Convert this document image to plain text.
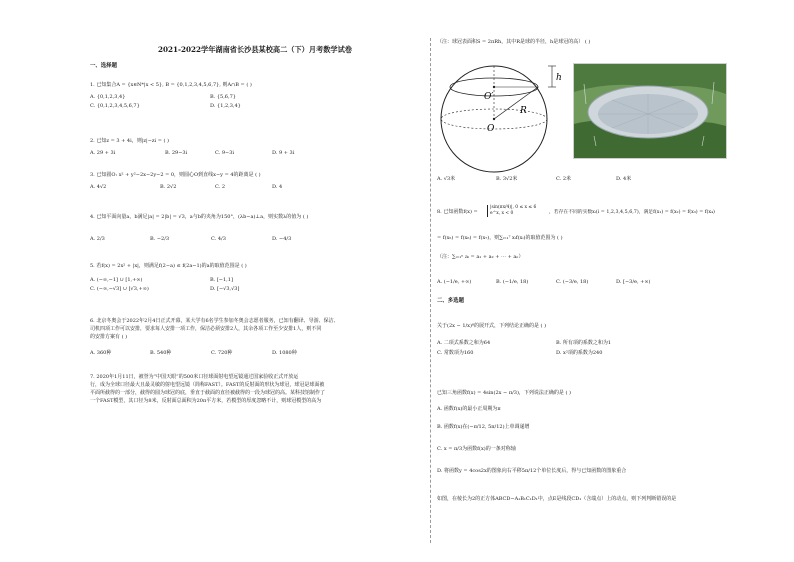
2021-2022学年湖南省长沙县某校高二（下）月考数学试卷
一、选择题
1. 已知集合A = {x∈N*|x < 5}, B = {0,1,2,3,4,5,6,7}, 则A∩B = ( )
A. {0,1,2,3,4}	B. {5,6,7}
C. {0,1,2,3,4,5,6,7}	D. {1,2,3,4}
2. 已知z = 3 + 4i，则|z|−zi = ( )
A. 29 + 3i	B. 29−3i	C. 9−3i	D. 9 + 3i
3. 已知圆O: x² + y²−2x−2y−2 = 0，则圆心O到直线x−y = 4的距离是 ( )
A. 4√2	B. 2√2	C. 2	D. 4
4. 已知平面向量a，b满足|a| = 2|b| = √3，a与b的夹角为150°，(λb−a)⊥a，则实数λ的值为 ( )
A. 2/3	B. −2/3	C. 4/3	D. −4/3
5. 若f(x) = 2x² + |x|，则满足f(2−a) ≤ f(2a−1)的a的取值范围是 ( )
A. (−∞,−1] ∪ [1,+∞)	B. [−1,1]
C. (−∞,−√3] ∪ [√3,+∞)	D. [−√3,√3]
6. 北京冬奥会于2022年2月4日正式开幕，某大学有6名学生参加冬奥会志愿者服务，已知有翻译、导游、保洁、
司机四项工作可以安排，要求每人安排一项工作，保洁必须安排2人，其余各项工作至少安排1人，则不同
的安排方案有 ( )
A. 360种	B. 540种	C. 720种	D. 1080种
7. 2020年1月11日，被誉为“中国天眼”的500米口径球面射电望远镜通过国家验收正式开放运
行，成为全球口径最大且最灵敏的射电望远镜（简称FAST）。FAST的反射面的形状为球冠，球冠是球面被
平面所截得的一部分，截得的圆为球冠的底，垂直于截面的直径被截得的一段为球冠的高。某科技馆制作了
一个FAST模型，其口径为8米，反射面总面积为20π平方米，若模型的厚度忽略不计，则球冠模型的高为
（注：球冠表面积S = 2πRh，其中R是球的半径，h是球冠的高） ( )
h
O′
O
R
A. √3米	B. 3√2米	C. 2米	D. 4米
8. 已知函数f(x) =
|sin(πx/4)|, 0 ≤ x ≤ 6
e^x, x < 0	，若存在不同的实数xᵢ(i = 1,2,3,4,5,6,7)，满足f(x₁) = f(x₂) = f(x₃) = f(x₄)
= f(x₅) = f(x₆) = f(x₇)，则∑ᵢ₌₁⁷ xᵢf(xᵢ)的取值范围为 ( )
（注：∑ᵢ₌₁ⁿ aᵢ = a₁ + a₂ + ⋯ + aₙ）
A. (−1/e, +∞)	B. (−1/e, 18)	C. (−3/e, 18)	D. [−3/e, +∞)
二、多选题
关于(2x − 1/x)⁸的展开式，下列结论正确的是 ( )
A. 二项式系数之和为64	B. 所有项的系数之和为1
C. 常数项为160	D. x²项的系数为240
已知三角函数f(x) = 4sin(2x − π/3)，下列说法正确的是 ( )
A. 函数f(x)的最小正周期为π
B. 函数f(x)在(−π/12, 5π/12)上单调递增
C. x = π/3为函数f(x)的一条对称轴
D. 将函数y = 4cos2x的图象向右平移5π/12个单位长度后，得与已知函数的图象重合
如图，在棱长为2的正方体ABCD−A₁B₁C₁D₁中，点E是线段CD₁（含端点）上的动点，则下列判断错误的是
